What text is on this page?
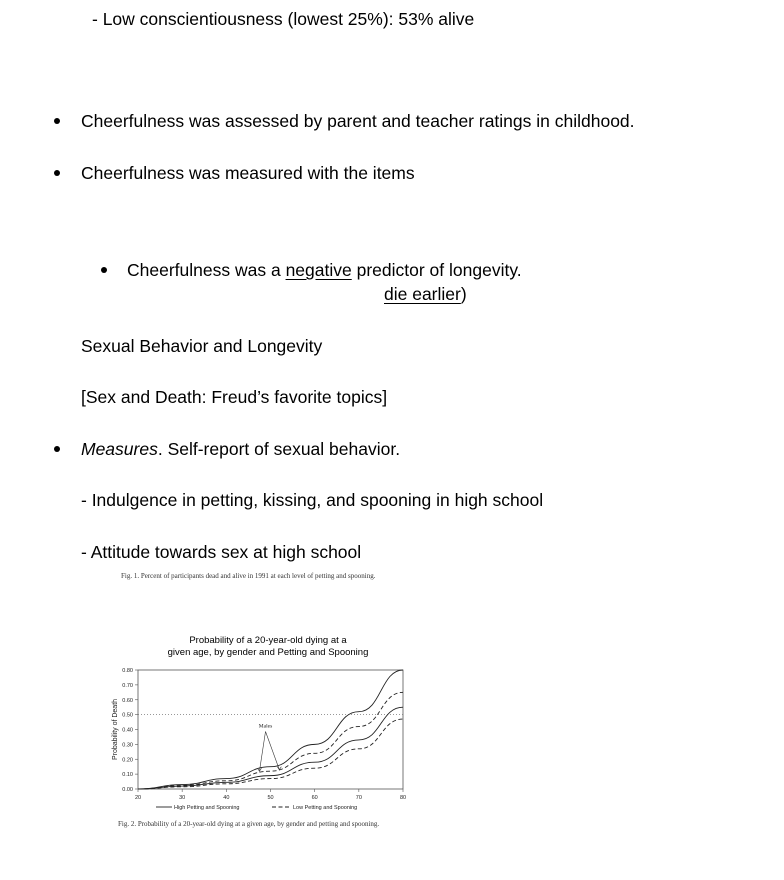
- Low conscientiousness (lowest 25%): 53% alive
Cheerfulness was assessed by parent and teacher ratings in childhood.
Cheerfulness was measured with the items
Cheerfulness was a negative predictor of longevity.
die earlier)
Sexual Behavior and Longevity
[Sex and Death: Freud’s favorite topics]
Measures. Self-report of sexual behavior.
- Indulgence in petting, kissing, and spooning in high school
- Attitude towards sex at high school
Fig. 1. Percent of participants dead and alive in 1991 at each level of petting and spooning.
Probability of a 20-year-old dying at a
given age, by gender and Petting and Spooning
0.00
0.10
0.20
0.30
0.40
0.50
0.60
0.70
0.80
20	30	40	50	60	70	80
Probability of Death	Males
High Petting and Spooning	Low Petting and Spooning
Fig. 2. Probability of a 20-year-old dying at a given age, by gender and petting and spooning.
